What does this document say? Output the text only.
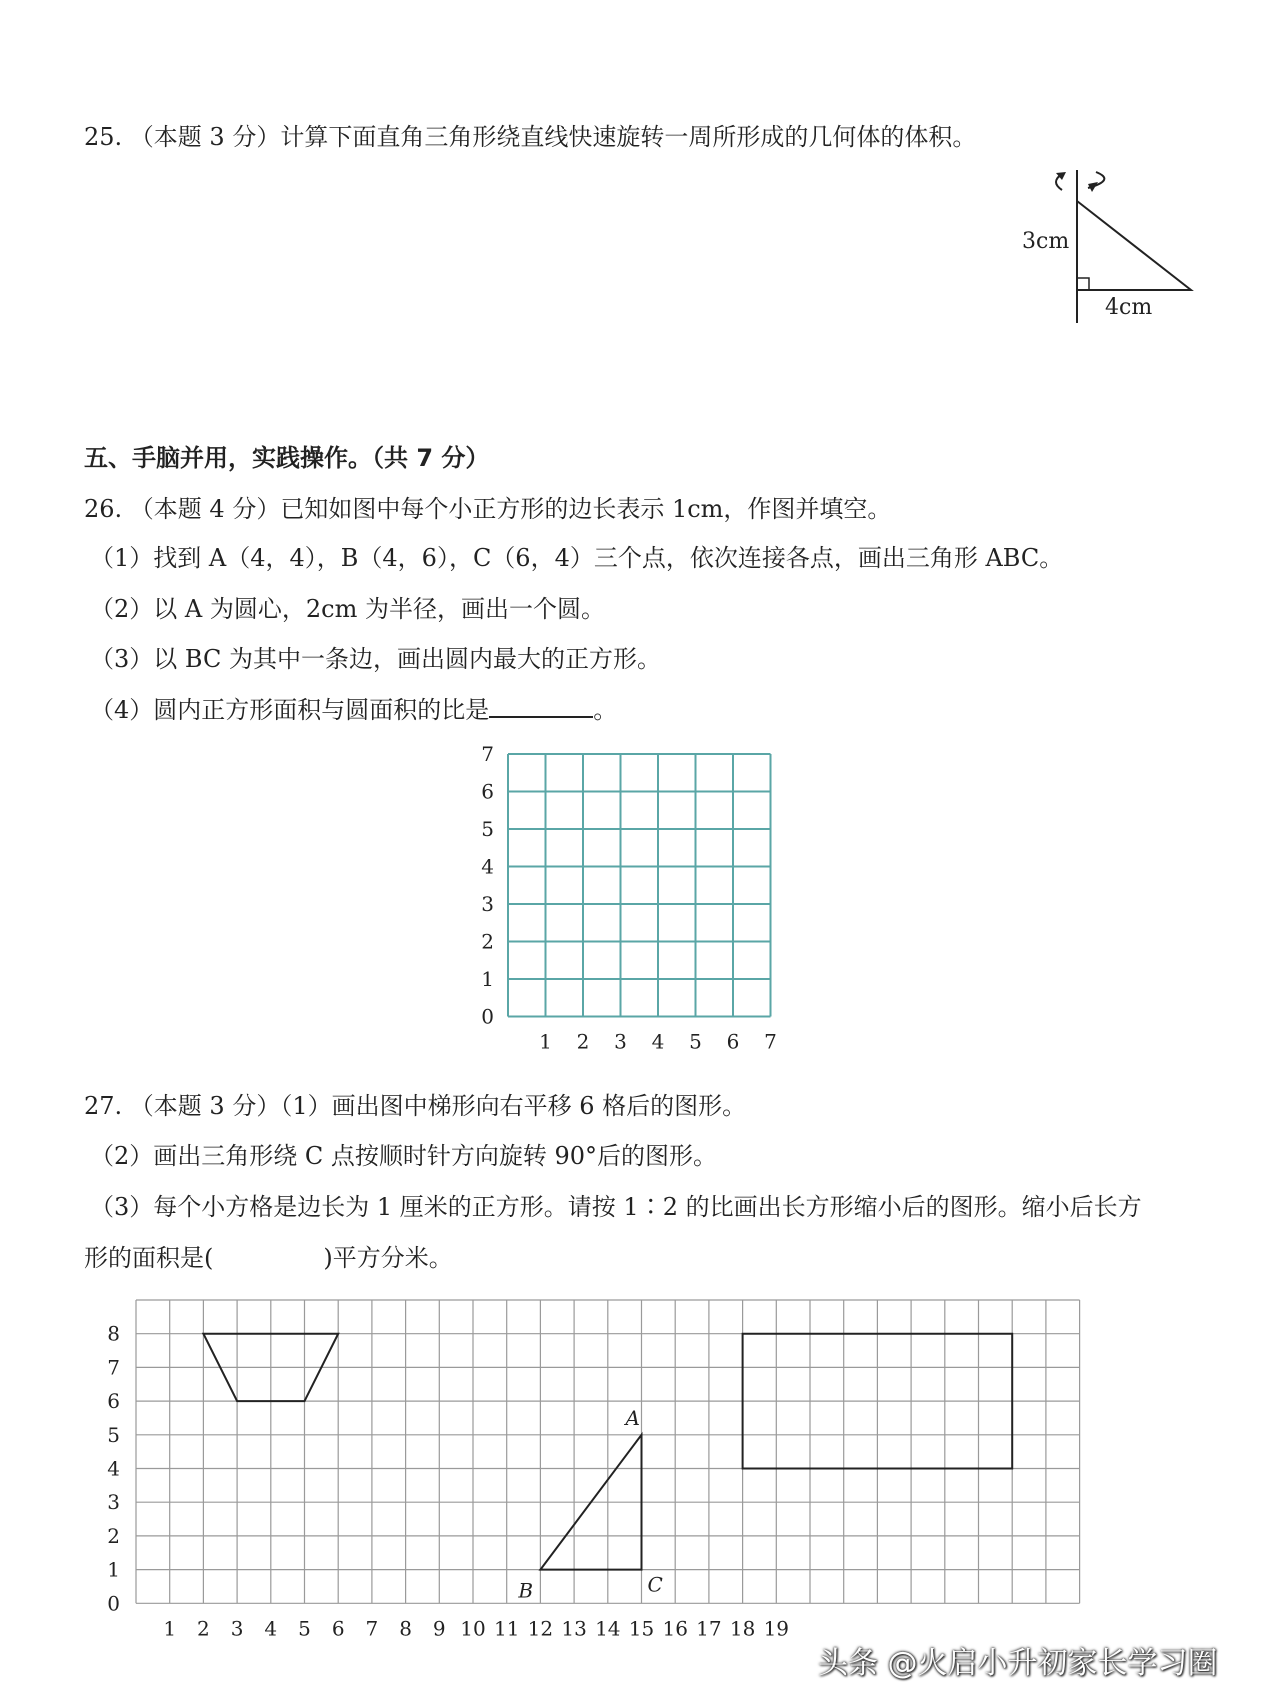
25. （本题 3 分）计算下面直角三角形绕直线快速旋转一周所形成的几何体的体积。
3cm
4cm
五、手脑并用，实践操作。（共 7 分）
26. （本题 4 分）已知如图中每个小正方形的边长表示 1cm，作图并填空。
（1）找到 A（4，4），B（4，6），C（6，4）三个点，依次连接各点，画出三角形 ABC。
（2）以 A 为圆心，2cm 为半径，画出一个圆。
（3）以 BC 为其中一条边，画出圆内最大的正方形。
（4）圆内正方形面积与圆面积的比是	。
7
6
5
4
3
2
1
0
1 2 3 4 5 6 7
27. （本题 3 分）（1）画出图中梯形向右平移 6 格后的图形。
（2）画出三角形绕 C 点按顺时针方向旋转 90°后的图形。
（3）每个小方格是边长为 1 厘米的正方形。请按 1∶2 的比画出长方形缩小后的图形。缩小后长方
形的面积是(	)平方分米。
8
7
6
5
4
3
2
1
0
1 2 3 4 5 6 7 8 9 10 11 12 13 14 15 16 17 18 19
A
B	C
头条 @火启小升初家长学习圈
